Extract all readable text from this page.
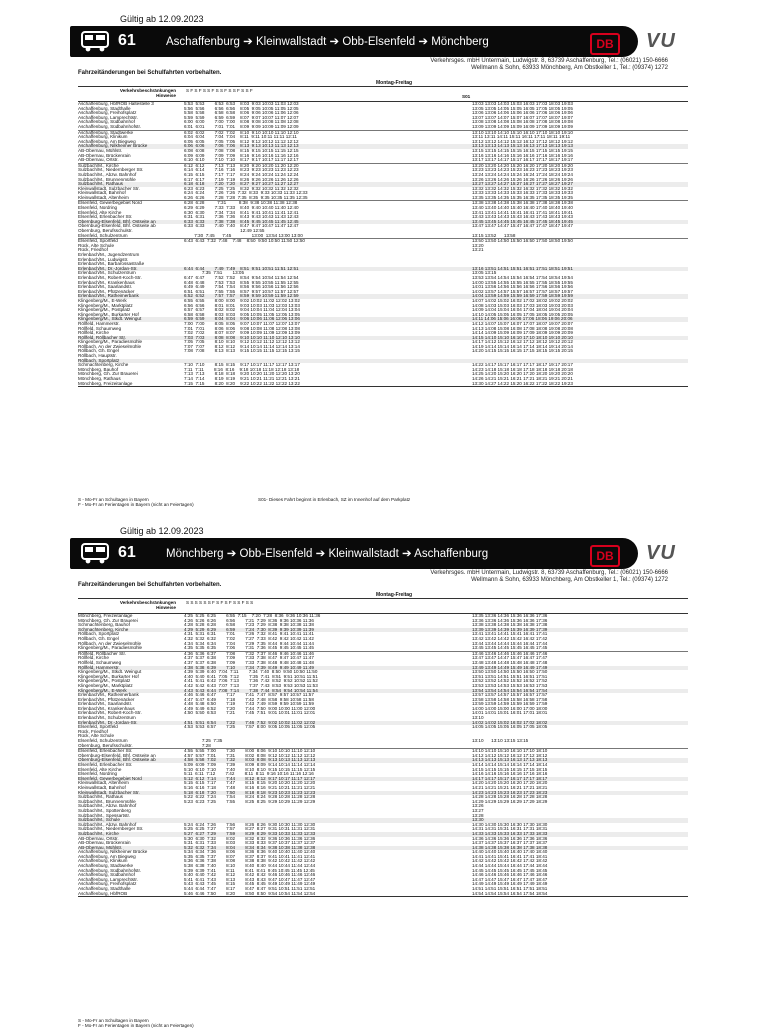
Gültig ab 12.09.2023
61	Aschaffenburg ➔ Kleinwallstadt ➔ Obb-Elsenfeld ➔ Mönchberg	DB	VU
Verkehrsges. mbH Untermain, Ludwigstr. 8, 63739 Aschaffenburg, Tel.: (06021) 150-6666
Wellmann & Sohn, 63933 Mönchberg, Am Obstkeller 1, Tel.: (09374) 1272
Fahrzeitänderungen bei Schulfahrten vorbehalten.
Montag-Freitag
Verkehrsbeschränkungen
Hinweise
S F S F S S F S S F S S F S S F
S01
Aschaffenburg, HbfROB Haltestelle 3	5:53  5:53        6:53  6:53    8:03  9:03 10:03 11:03 12:03	13:03 13:03 14:03 15:03 16:03 17:03 18:03 19:03
Aschaffenburg, Stadthalle	5:56  5:56        6:56  6:56    8:05  9:05 10:05 11:05 12:05	13:05 13:05 14:05 15:05 16:05 17:05 18:05 19:05
Aschaffenburg, Freihofsplatz	5:58  5:58        6:58  6:58    8:06  9:06 10:06 11:06 12:06	13:06 13:06 14:06 15:06 16:06 17:06 18:06 19:06
Aschaffenburg, Lamprechtstr.	5:59  5:59        6:59  6:59    8:07  9:07 10:07 11:07 12:07	13:07 13:07 14:07 15:07 16:07 17:07 18:07 19:07
Aschaffenburg, Südbahnhof	6:00  6:00        7:00  7:00    8:08  9:08 10:08 11:08 12:08	13:08 13:08 14:08 15:08 16:08 17:08 18:08 19:08
Aschaffenburg, Südbahnhofstr.	6:01  6:01        7:01  7:01    8:09  9:09 10:09 11:09 12:09	13:09 13:09 14:09 15:09 16:09 17:09 18:09 19:09
Aschaffenburg, Stadtwerke	6:02  6:02        7:02  7:02    8:10  9:10 10:10 11:10 12:10	13:10 13:10 14:10 15:10 16:10 17:10 18:10 19:10
Aschaffenburg, Klinikum	6:04  6:04        7:04  7:04    8:11  9:11 10:11 11:11 12:11	13:11 13:11 14:11 15:11 16:11 17:11 18:11 19:11
Aschaffenburg, Am Biegweg	6:05  6:05        7:05  7:05    8:12  9:12 10:12 11:12 12:12	13:12 13:12 14:12 15:12 16:12 17:12 18:12 19:12
Aschaffenburg, Nilkheimer Brücke	6:06  6:06        7:06  7:06    8:13  9:13 10:13 11:13 12:13	13:13 13:13 14:13 15:13 16:13 17:13 18:13 19:13
AB-Obernau, Mühlstr.	6:08  6:08        7:08  7:08    8:15  9:15 10:15 11:15 12:15	13:15 13:15 14:15 15:15 16:15 17:15 18:15 19:15
AB-Obernau, Brückenrain	6:09  6:09        7:09  7:09    8:16  9:16 10:16 11:16 12:16	13:16 13:16 14:16 15:16 16:16 17:16 18:16 19:16
AB-Obernau, Ortstr.	6:10  6:10        7:10  7:10    8:17  9:17 10:17 11:17 12:17	13:17 13:17 14:17 15:17 16:17 17:17 18:17 19:17
Sulzbach/M., Kirche	6:12  6:12        7:13  7:13    8:20  9:20 10:20 11:20 12:20	13:20 13:20 14:20 15:20 16:20 17:20 18:20 19:20
Sulzbach/M., Niedernberger Str.	6:14  6:14        7:16  7:16    8:23  9:23 10:23 11:23 12:23	13:23 13:23 14:23 15:23 16:23 17:23 18:23 19:23
Sulzbach/M., Abzw. Bahnhof	6:15  6:15        7:17  7:17    8:24  9:24 10:24 11:24 12:24	13:24 13:24 14:24 15:24 16:24 17:24 18:24 19:24
Sulzbach/M., Brunnenmühle	6:17  6:17        7:19  7:19    8:26  9:26 10:26 11:26 12:26	13:26 13:26 14:26 15:26 16:26 17:26 18:26 19:26
Sulzbach/M., Rathaus	6:18  6:18        7:20  7:20    8:27  9:27 10:27 11:27 12:27	13:27 13:27 14:27 15:27 16:27 17:27 18:27 19:27
Kleinwallstadt, Sulzbacher Str.	6:23  6:23        7:25  7:25    8:32  9:32 10:32 11:32 12:32	13:32 13:32 14:32 15:32 16:32 17:32 18:32 19:32
Kleinwallstadt, Bahnhof	6:24  6:24        7:26  7:26  7:32  8:33  9:33 10:33 11:33 12:33	13:33 13:33 14:33 15:33 16:33 17:33 18:33 19:33
Kleinwallstadt, Altenheim	6:26  6:26        7:28  7:28  7:35  8:35  9:35 10:35 11:35 12:35	13:35 13:35 14:35 15:35 16:35 17:35 18:35 19:35
Elsenfeld, Gewerbegebiet Nord	6:28  6:28          7:31          8:38  9:38 10:38 11:38 12:38	13:38 13:38 14:38 15:38 16:38 17:38 18:38 19:38
Elsenfeld, Nordring	6:29  6:29        7:33  7:33    8:40  9:40 10:40 11:40 12:40	13:40 13:40 14:40 15:40 16:40 17:40 18:40 19:40
Elsenfeld, Alte Kirche	6:30  6:30        7:34  7:34    8:41  9:41 10:41 11:41 12:41	13:41 13:41 14:41 15:41 16:41 17:41 18:41 19:41
Elsenfeld, Erlenbacher Str.	6:31  6:31        7:36  7:36    8:43  9:43 10:43 11:43 12:43	13:43 13:43 14:43 15:43 16:43 17:43 18:43 19:43
Obernburg-Elsenfeld, Bhf. Ostseite an	6:33  6:33        7:38  7:38    8:45  9:45 10:45 11:45 12:45	13:45 13:45 14:45 15:45 16:45 17:45 18:45 19:45
Obernburg-Elsenfeld, Bhf. Ostseite ab	6:33  6:33        7:40  7:40    8:47  9:47 10:47 11:47 12:47	13:47 13:47 14:47 15:47 16:47 17:47 18:47 19:47
Obernburg, Berufsschulstr.	12:49 12:55
Elsenfeld, Schulzentrum	7:30  7:45      7:45                13:00  13:54 13:00 13:00	13:15 13:52      13:58
Elsenfeld, Sportfeld	6:43  6:43  7:32  7:48    7:48    8:50  9:50 10:50 11:50 12:50	13:50 13:50 14:50 15:50 16:50 17:50 18:50 19:50
Rück, Alte Schule	13:20
Rück, Friedhof	13:21
Erlenbach/M., Jugendzentrum
Erlenbach/M., Ludwigstr.
Erlenbach/M., Barbarossastraße
Erlenbach/M., Dr.-Jordan-Str.	6:44  6:44        7:49  7:49    8:51  9:51 10:51 11:51 12:51	13:16 13:51 14:51 15:51 16:51 17:51 18:51 19:51
Erlenbach/M., Schulzentrum	7:35  7:51        13:05	13:05 13:15
Erlenbach/M., Robert-Koch-Str.	6:47  6:47        7:52  7:52    8:54  9:54 10:54 11:54 12:54	13:53 13:54 14:54 15:54 16:54 17:54 18:54 19:54
Erlenbach/M., Krankenhaus	6:48  6:48        7:53  7:53    8:55  9:55 10:55 11:55 12:55	14:00 13:55 14:55 15:55 16:55 17:55 18:55 19:55
Erlenbach/M., Saarlandstr.	6:49  6:49        7:54  7:54    8:56  9:56 10:56 11:56 12:56	14:01 13:56 14:56 15:56 16:56 17:56 18:56 19:56
Erlenbach/M., Pfützenäcker	6:51  6:51        7:55  7:55    8:57  9:57 10:57 11:57 12:57	14:02 13:57 14:57 15:57 16:57 17:57 18:57 19:57
Erlenbach/M., Ratheimerbank	6:52  6:52        7:57  7:57    8:59  9:59 10:59 11:59 12:59	14:04 13:59 14:59 15:59 16:59 17:59 18:59 19:59
Klingenberg/M., E-Werk	6:55  6:55        8:00  8:00    9:02 10:02 11:02 12:02 13:02	14:07 14:02 15:02 16:02 17:02 18:02 19:02 20:02
Klingenberg/M., Marktplatz	6:56  6:56        8:01  8:01    9:03 10:03 11:03 12:03 13:03	14:08 14:03 15:03 16:03 17:03 18:03 19:03 20:03
Klingenberg/M., Postplatz	6:57  6:57        8:02  8:02    9:04 10:04 11:04 12:04 13:04	14:09 14:04 15:04 16:04 17:04 18:04 19:04 20:04
Klingenberg/M., Burkarter Hof	6:58  6:58        8:03  8:03    9:05 10:05 11:05 12:05 13:05	14:10 14:05 15:05 16:05 17:05 18:05 19:05 20:05
Klingenberg/M., Stkdt. Weingut	6:59  6:59        8:04  8:04    9:06 10:06 11:06 12:06 13:06	14:11 14:06 15:06 16:06 17:06 18:06 19:06 20:06
Röllfeld, Hammerstr.	7:00  7:00        8:05  8:05    9:07 10:07 11:07 12:07 13:07	14:12 14:07 15:07 16:07 17:07 18:07 19:07 20:07
Röllfeld, Schaumweg	7:01  7:01        8:06  8:06    9:08 10:08 11:08 12:08 13:08	14:13 14:08 15:08 16:08 17:08 18:08 19:08 20:08
Röllfeld, Kirche	7:02  7:02        8:07  8:07    9:09 10:09 11:09 12:09 13:09	14:14 14:09 15:09 16:09 17:09 18:09 19:09 20:09
Röllfeld, Röllbacher Str.	7:03  7:03        8:08  8:08    9:10 10:10 11:10 12:10 13:10	14:15 14:10 15:10 16:10 17:10 18:10 19:10 20:10
Klingenberg/M., Paradiesmühle	7:05  7:05        8:10  8:10    9:12 10:12 11:12 12:12 13:12	14:17 14:12 15:12 16:12 17:12 18:12 19:12 20:12
Röllbach, An der Zwieselmühle	7:07  7:07        8:12  8:12    9:14 10:14 11:14 12:14 13:14	14:19 14:14 15:14 16:14 17:14 18:14 19:14 20:14
Röllbach, Gh. Engel	7:08  7:08        8:13  8:13    9:15 10:15 11:15 12:15 13:15	14:20 14:15 15:15 16:15 17:15 18:15 19:15 20:15
Röllbach, Hauptstr.
Röllbach, Sportplatz
Schmachtenberg, Kirche	7:10  7:10        8:15  8:15    9:17 10:17 11:17 12:17 13:17	14:22 14:17 15:17 16:17 17:17 18:17 19:17 20:17
Mönchberg, Bauhof	7:11  7:11        8:16  8:16    9:18 10:18 11:18 12:18 13:18	14:23 14:18 15:18 16:18 17:18 18:18 19:18 20:18
Mönchberg, Gh. Zur Brauerei	7:13  7:13        8:18  8:18    9:20 10:20 11:20 12:20 13:20	14:25 14:20 15:20 16:20 17:20 18:20 19:20 20:20
Mönchberg, Rathaus	7:14  7:14        8:19  8:19    9:21 10:21 11:21 12:21 13:21	14:26 14:21 15:21 16:21 17:21 18:21 19:21 20:21
Mönchberg, Freizeitanlage	7:15  7:15        8:20  8:20    9:22 10:22 11:22 12:22 13:22	13:30 14:27 14:22 15:20 16:22 17:22 18:22 19:23
S - Mo-Fr an Schultagen in Bayern
F - Mo-Fr an Ferientagen in Bayern (nicht an Feiertagen)
S01- Dieses Fahrt beginnt in Erlenbach, SZ im Innenhof auf dem Parkplatz
Gültig ab 12.09.2023
61	Mönchberg ➔ Obb-Elsenfeld ➔ Kleinwallstadt ➔ Aschaffenburg	DB	VU
Verkehrsges. mbH Untermain, Ludwigstr. 8, 63739 Aschaffenburg, Tel.: (06021) 150-6666
Wellmann & Sohn, 63933 Mönchberg, Am Obstkeller 1, Tel.: (09374) 1272
Fahrzeitänderungen bei Schulfahrten vorbehalten.
Montag-Freitag
Verkehrsbeschränkungen
Hinweise
S S S S S S F S F S F S S F S S
Mönchberg, Freizeitanlage	4:25  5:25  6:25        6:55  7:15    7:20  7:28  8:36  9:36 10:36 11:36	13:35 13:36 14:36 15:36 16:36 17:36
Mönchberg, Gh. Zur Brauerei	4:26  5:26  6:26        6:56        7:21  7:29  8:36  9:36 10:36 11:36	13:36 13:36 14:36 15:36 16:36 17:36
Schmachtenberg, Bauhof	4:28  5:28  6:28        6:58        7:23  7:29  8:38  9:38 10:38 11:38	13:38 13:38 14:38 15:38 16:38 17:38
Schmachtenberg, Kirche	4:29  5:29  6:29        6:59        7:24  7:30  8:39  9:39 10:39 11:39	13:39 13:39 14:39 15:39 16:39 17:39
Röllbach, Sportplatz	4:31  5:31  6:31        7:01        7:26  7:32  8:41  9:41 10:41 11:41	13:41 13:41 14:41 15:41 16:41 17:41
Röllbach, Gh. Engel	4:32  5:32  6:32        7:02        7:27  7:33  8:42  9:42 10:42 11:42	13:42 13:42 14:42 15:42 16:42 17:42
Röllbach, An der Zwieselmühle	4:34  5:34  6:34        7:04        7:29  7:35  8:44  9:44 10:44 11:44	13:44 13:44 14:44 15:44 16:44 17:44
Klingenberg/M., Paradiesmühle	4:35  5:35  6:35        7:06        7:31  7:36  8:45  9:45 10:45 11:45	13:45 13:45 14:45 15:45 16:45 17:45
Röllfeld, Röllbacher Str.	4:36  5:36  6:37        7:08        7:32  7:37  8:46  9:46 10:46 11:46	13:46 13:46 14:46 15:46 16:46 17:46
Röllfeld, Kirche	4:37  5:37  6:38        7:09        7:33  7:38  8:47  9:47 10:47 11:47	13:47 13:47 14:47 15:47 16:47 17:47
Röllfeld, Schaumweg	4:37  5:37  6:38        7:09        7:33  7:38  8:48  9:48 10:48 11:48	13:48 13:48 14:48 15:48 16:48 17:48
Röllfeld, Hammerstr.	4:38  5:38  6:39        7:10        7:34  7:39  8:49  9:49 10:49 11:49	13:49 13:49 14:49 15:49 16:49 17:49
Klingenberg/M., Stkdt. Weingut	4:39  5:39  6:40  7:04  7:11        7:34  7:40  8:50  9:50 10:50 11:50	13:50 13:50 14:50 15:50 16:50 17:50
Klingenberg/M., Burkarter Hof	4:40  5:40  6:41  7:05  7:12        7:35  7:41  8:51  9:51 10:51 11:51	13:51 13:51 14:51 15:51 16:51 17:51
Klingenberg/M., Postplatz	4:41  5:41  6:42  7:06  7:13        7:36  7:42  8:52  9:52 10:52 11:52	13:52 13:52 14:52 15:52 16:52 17:52
Klingenberg/M., Marktplatz	4:42  5:42  6:43  7:07  7:13        7:37  7:43  8:53  9:53 10:53 11:53	13:53 13:53 14:53 15:53 16:53 17:53
Klingenberg/M., E-Werk	4:43  5:43  6:44  7:08  7:14        7:38  7:44  8:54  9:54 10:54 11:54	13:54 13:54 14:54 15:54 16:54 17:54
Erlenbach/M., Ratheimerbank	4:46  5:46  6:47        7:17        7:41  7:47  8:57  9:57 10:57 11:57	13:57 13:57 14:57 15:57 16:57 17:57
Erlenbach/M., Pfützenäcker	4:47  5:47  6:49        7:18        7:42  7:48  8:58  9:58 10:58 11:58	13:58 13:58 14:58 15:58 16:58 17:58
Erlenbach/M., Saarlandstr.	4:48  5:48  6:50        7:19        7:43  7:49  8:59  9:59 10:59 11:59	13:59 13:59 14:59 15:59 16:59 17:59
Erlenbach/M., Krankenhaus	4:49  5:49  6:52        7:20        7:44  7:50  9:00 10:00 11:00 12:00	14:00 14:00 15:00 16:00 17:00 18:00
Erlenbach/M., Robert-Koch-Str.	4:50  5:50  6:53        7:21        7:45  7:51  9:01 10:01 11:01 12:01	14:01 14:01 15:01 16:01 17:01 18:01
Erlenbach/M., Schulzentrum	13:10
Erlenbach/M., Dr.-Jordan-Str.	4:51  5:51  6:54        7:22        7:46  7:52  9:02 10:02 11:02 12:02	14:02 14:02 15:02 16:02 17:02 18:02
Elsenfeld, Sportfeld	4:53  5:53  6:57        7:25        7:57  8:00  9:05 10:05 11:05 12:05	14:05 14:05 15:05 16:05 17:05 18:05
Rück, Friedhof
Rück, Alte Schule
Elsenfeld, Schulzentrum	7:25  7:35	13:10      13:10 13:15 13:15
Obernburg, Berufsschulstr.	7:28
Elsenfeld, Erlenbacher Str.	4:55  5:55  7:00        7:30        8:00  8:06  9:10 10:10 11:10 12:10	14:10 14:10 15:10 16:10 17:10 18:10
Obernburg-Elsenfeld, Bhf. Ostseite an	4:57  5:57  7:01        7:31        8:02  8:08  9:12 10:12 11:12 12:12	14:12 14:12 15:12 16:12 17:12 18:12
Obernburg-Elsenfeld, Bhf. Ostseite ab	4:58  5:58  7:02        7:32        8:03  8:08  9:13 10:13 11:13 12:13	14:13 14:13 15:13 16:13 17:13 18:13
Elsenfeld, Erlenbacher Str.	5:09  6:09  7:09        7:39        8:09  8:09  9:14 10:14 11:14 12:14	14:14 14:14 15:14 16:14 17:14 18:14
Elsenfeld, Alte Kirche	5:10  6:10  7:10        7:40        8:10  8:10  9:15 10:15 11:15 12:15	14:15 14:15 15:15 16:15 17:15 18:15
Elsenfeld, Nordring	5:11  6:11  7:12        7:42        8:11  8:11  9:16 10:16 11:16 12:16	14:16 14:16 15:16 16:16 17:16 18:16
Elsenfeld, Gewerbegebiet Nord	5:12  6:12  7:14        7:44        8:12  8:12  9:17 10:17 11:17 12:17	14:17 14:17 15:17 16:17 17:17 18:17
Kleinwallstadt, Altenheim	5:15  6:15  7:17        7:47        8:15  8:15  9:20 10:20 11:20 12:20	14:20 14:20 15:20 16:20 17:20 18:20
Kleinwallstadt, Bahnhof	5:16  6:16  7:18        7:48        8:16  8:16  9:21 10:21 11:21 12:21	14:21 14:21 15:21 16:21 17:21 18:21
Kleinwallstadt, Sulzbacher Str.	5:18  6:18  7:20        7:50        8:18  8:18  9:23 10:23 11:23 12:23	14:23 14:23 15:23 16:23 17:23 18:23
Sulzbach/M., Rathaus	5:22  6:22  7:24        7:54        8:24  8:24  9:28 10:28 11:28 12:28	14:28 14:28 15:28 16:28 17:28 18:28
Sulzbach/M., Brunnenmühle	5:23  6:23  7:25        7:55        8:25  8:25  9:29 10:29 11:29 12:29	14:29 14:29 15:29 16:29 17:29 18:29
Sulzbach/M., Abzw. Bahnhof	13:26
Sulzbach/M., Spottenberg	13:27
Sulzbach/M., Spessartstr.	13:28
Sulzbach/M., Schule	13:30
Sulzbach/M., Abzw. Bahnhof	5:24  6:24  7:26        7:56        8:26  8:26  9:30 10:30 11:30 12:30	14:30 14:30 15:30 16:30 17:30 18:30
Sulzbach/M., Niedernberger Str.	5:25  6:25  7:27        7:57        8:27  8:27  9:31 10:31 11:31 12:31	14:31 14:31 15:31 16:31 17:31 18:31
Sulzbach/M., Kirche	5:27  6:27  7:29        7:59        8:29  8:29  9:33 10:33 11:33 12:33	14:33 14:33 15:33 16:33 17:33 18:33
AB-Obernau, Ortstr.	5:30  6:30  7:32        8:02        8:32  8:32  9:36 10:36 11:36 12:36	14:36 14:36 15:36 16:36 17:36 18:36
AB-Obernau, Brückenrain	5:31  6:31  7:33        8:03        8:33  8:33  9:37 10:37 11:37 12:37	14:37 14:37 15:37 16:37 17:37 18:37
AB-Obernau, Mühlstr.	5:32  6:32  7:34        8:04        8:34  8:34  9:38 10:38 11:38 12:38	14:38 14:38 15:38 16:38 17:38 18:38
Aschaffenburg, Nilkheimer Brücke	5:34  6:34  7:36        8:06        8:36  8:36  9:40 10:40 11:40 12:40	14:40 14:40 15:40 16:40 17:40 18:40
Aschaffenburg, Am Biegweg	5:35  6:35  7:37        8:07        8:37  8:37  9:41 10:41 11:41 12:41	14:41 14:41 15:41 16:41 17:41 18:41
Aschaffenburg, Klinikum	5:36  6:36  7:38        8:08        8:38  8:38  9:42 10:42 11:42 12:42	14:42 14:42 15:42 16:42 17:42 18:42
Aschaffenburg, Stadtwerke	5:38  6:38  7:40        8:10        8:40  8:40  9:44 10:44 11:44 12:44	14:44 14:44 15:44 16:44 17:44 18:44
Aschaffenburg, Südbahnhofstr.	5:39  6:39  7:41        8:11        8:41  8:41  9:45 10:45 11:45 12:45	14:45 14:45 15:45 16:45 17:45 18:45
Aschaffenburg, Südbahnhof	5:40  6:40  7:42        8:12        8:42  8:42  9:46 10:46 11:46 12:46	14:46 14:46 15:46 16:46 17:46 18:46
Aschaffenburg, Lamprechtstr.	5:41  6:41  7:43        8:13        8:43  8:43  9:47 10:47 11:47 12:47	14:47 14:47 15:47 16:47 17:47 18:47
Aschaffenburg, Freihofsplatz	5:43  6:43  7:45        8:15        8:45  8:45  9:49 10:49 11:49 12:49	14:49 14:49 15:49 16:49 17:49 18:49
Aschaffenburg, Stadthalle	5:44  6:44  7:47        8:17        8:47  8:47  9:51 10:51 11:51 12:51	14:51 14:51 15:51 16:51 17:51 18:51
Aschaffenburg, HbfROB	5:46  6:46  7:50        8:20        8:50  8:50  9:54 10:54 11:54 12:54	14:54 14:54 15:54 16:54 17:54 18:54
S - Mo-Fr an Schultagen in Bayern
F - Mo-Fr an Ferientagen in Bayern (nicht an Feiertagen)
